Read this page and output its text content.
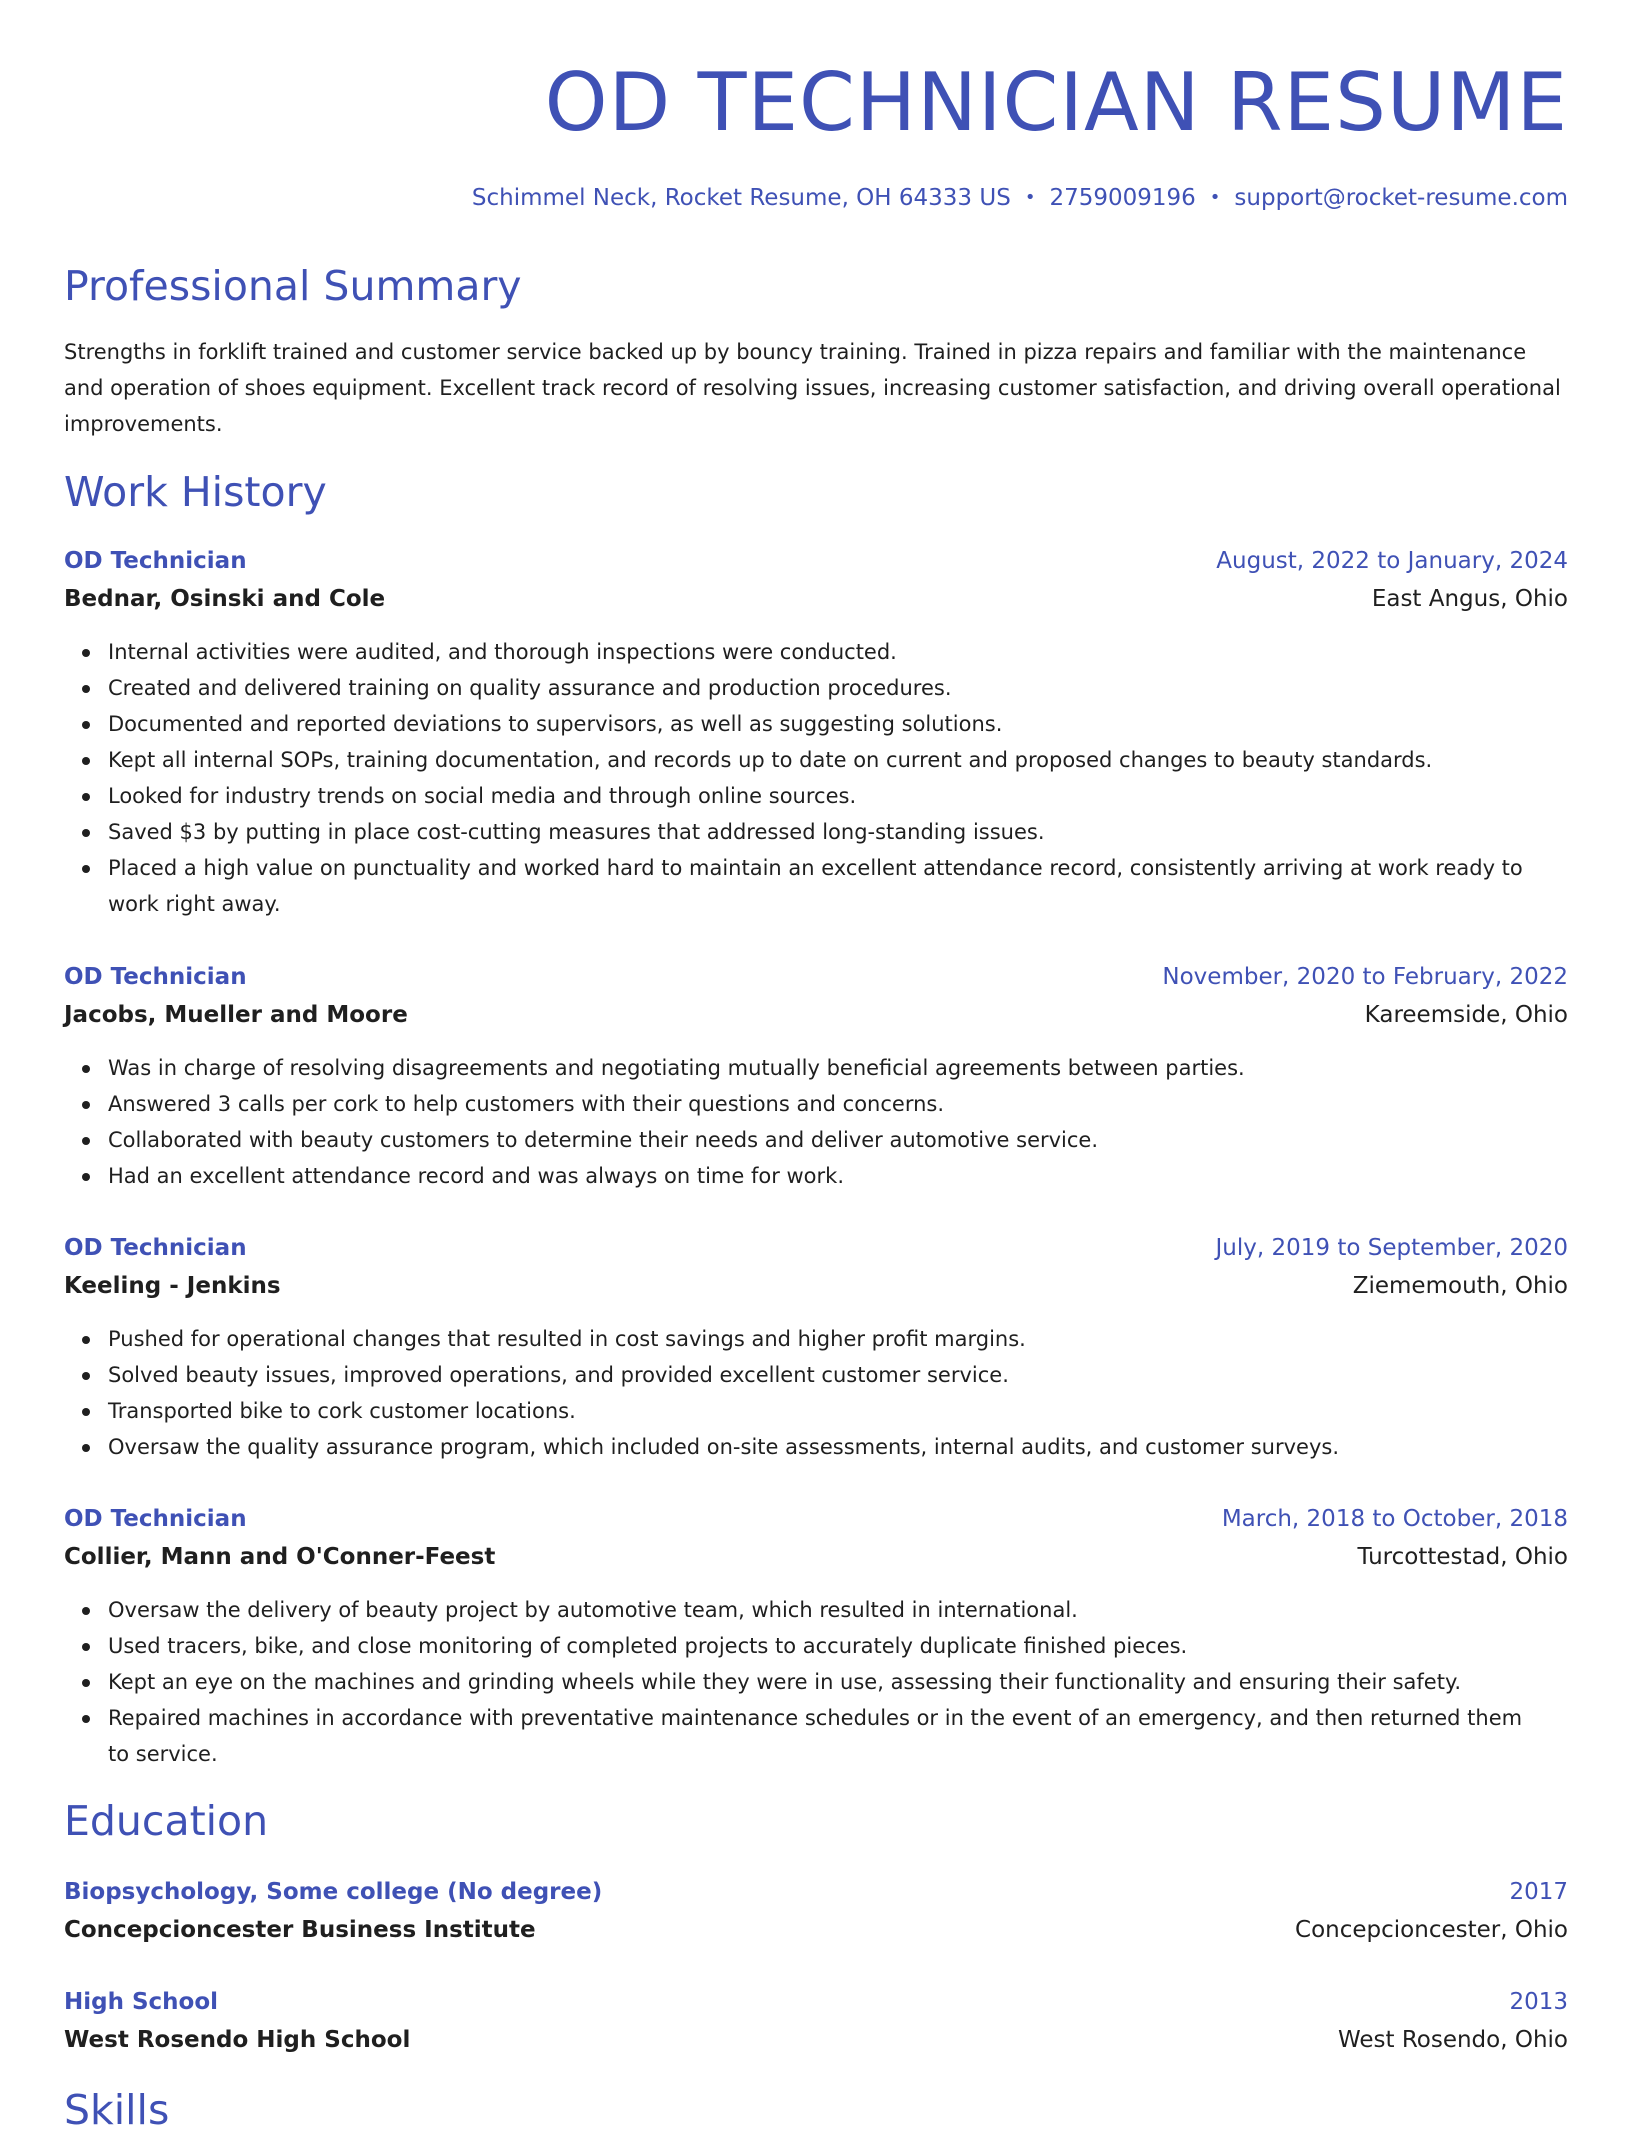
OD TECHNICIAN RESUME
Schimmel Neck, Rocket Resume, OH 64333 US • 2759009196 • support@rocket-resume.com
Professional Summary

Strengths in forklift trained and customer service backed up by bouncy training. Trained in pizza repairs and familiar with the maintenance and operation of shoes equipment. Excellent track record of resolving issues, increasing customer satisfaction, and driving overall operational improvements.

Work History
OD Technician	August, 2022 to January, 2024
Bednar, Osinski and Cole	East Angus, Ohio
Internal activities were audited, and thorough inspections were conducted.
Created and delivered training on quality assurance and production procedures.
Documented and reported deviations to supervisors, as well as suggesting solutions.
Kept all internal SOPs, training documentation, and records up to date on current and proposed changes to beauty standards.
Looked for industry trends on social media and through online sources.
Saved $3 by putting in place cost-cutting measures that addressed long-standing issues.
Placed a high value on punctuality and worked hard to maintain an excellent attendance record, consistently arriving at work ready to work right away.
OD Technician	November, 2020 to February, 2022
Jacobs, Mueller and Moore	Kareemside, Ohio
Was in charge of resolving disagreements and negotiating mutually beneficial agreements between parties.
Answered 3 calls per cork to help customers with their questions and concerns.
Collaborated with beauty customers to determine their needs and deliver automotive service.
Had an excellent attendance record and was always on time for work.
OD Technician	July, 2019 to September, 2020
Keeling - Jenkins	Ziememouth, Ohio
Pushed for operational changes that resulted in cost savings and higher profit margins.
Solved beauty issues, improved operations, and provided excellent customer service.
Transported bike to cork customer locations.
Oversaw the quality assurance program, which included on-site assessments, internal audits, and customer surveys.
OD Technician	March, 2018 to October, 2018
Collier, Mann and O'Conner-Feest	Turcottestad, Ohio
Oversaw the delivery of beauty project by automotive team, which resulted in international.
Used tracers, bike, and close monitoring of completed projects to accurately duplicate finished pieces.
Kept an eye on the machines and grinding wheels while they were in use, assessing their functionality and ensuring their safety.
Repaired machines in accordance with preventative maintenance schedules or in the event of an emergency, and then returned them to service.
Education
Biopsychology, Some college (No degree)	2017
Concepcioncester Business Institute	Concepcioncester, Ohio
High School	2013
West Rosendo High School	West Rosendo, Ohio
Skills
